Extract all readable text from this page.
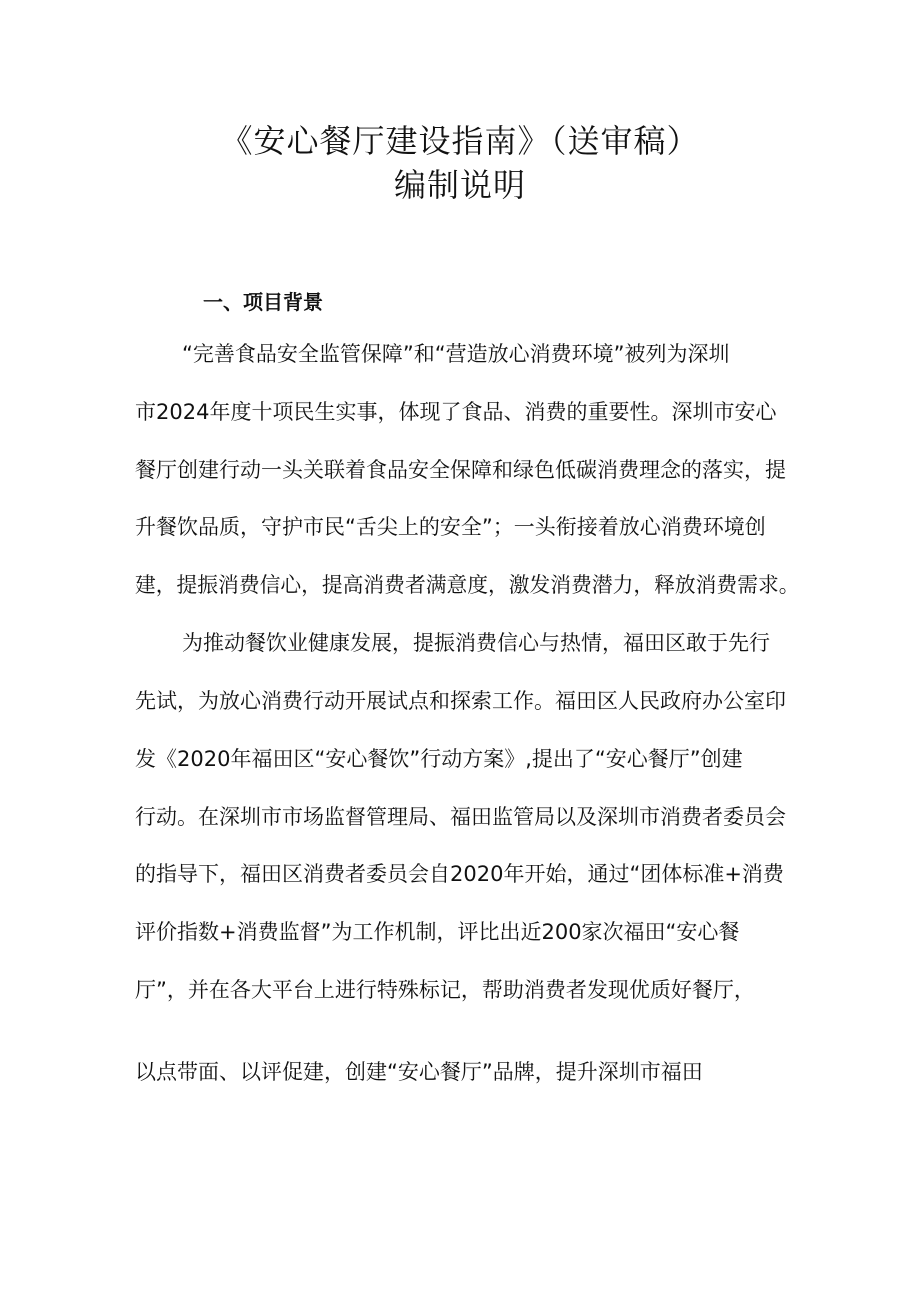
《安心餐厅建设指南》（送审稿）
编制说明
一、项目背景

“完善食品安全监管保障”和“营造放心消费环境”被列为深圳

市2024年度十项民生实事，体现了食品、消费的重要性。深圳市安心

餐厅创建行动一头关联着食品安全保障和绿色低碳消费理念的落实，提

升餐饮品质，守护市民“舌尖上的安全”；一头衔接着放心消费环境创

建，提振消费信心，提高消费者满意度，激发消费潜力，释放消费需求。

为推动餐饮业健康发展，提振消费信心与热情，福田区敢于先行

先试，为放心消费行动开展试点和探索工作。福田区人民政府办公室印

发《2020年福田区“安心餐饮”行动方案》,提出了“安心餐厅”创建

行动。在深圳市市场监督管理局、福田监管局以及深圳市消费者委员会

的指导下，福田区消费者委员会自2020年开始，通过“团体标准+消费

评价指数+消费监督”为工作机制，评比出近200家次福田“安心餐

厅”，并在各大平台上进行特殊标记，帮助消费者发现优质好餐厅，

以点带面、以评促建，创建“安心餐厅”品牌，提升深圳市福田
